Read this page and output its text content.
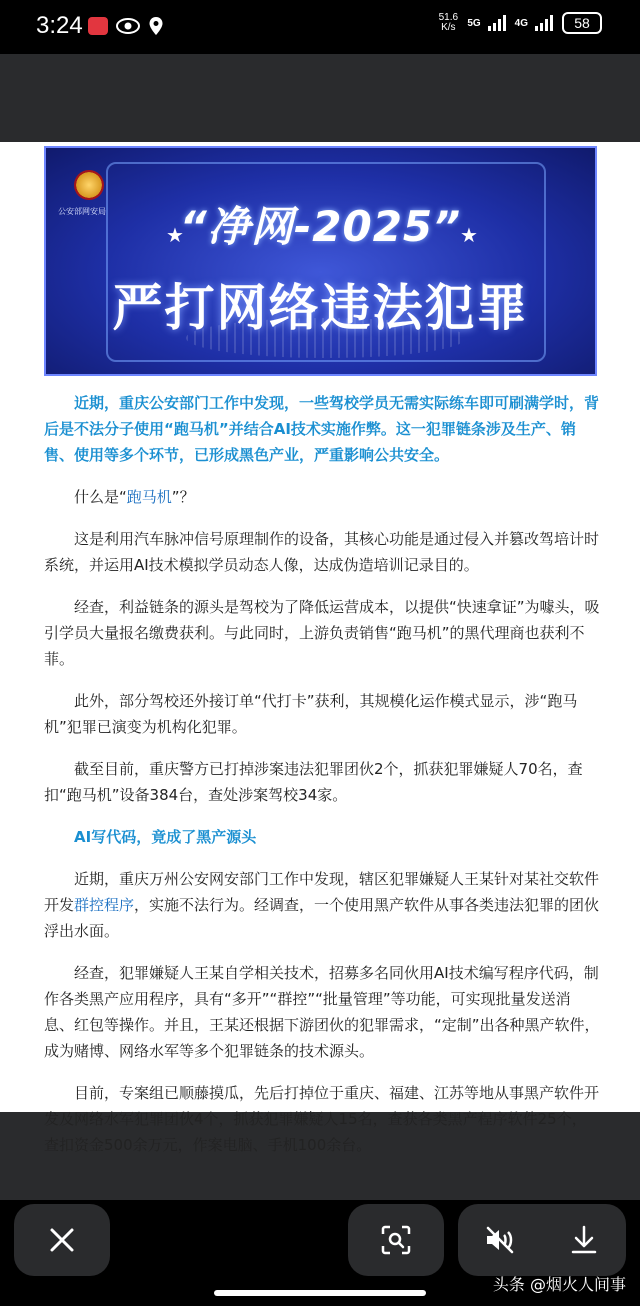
3:24	51.6
K/s	5G	4G	58
公安部网安局
★	★
“净网-2025”
严打网络违法犯罪

近期，重庆公安部门工作中发现，一些驾校学员无需实际练车即可刷满学时，背后是不法分子使用“跑马机”并结合AI技术实施作弊。这一犯罪链条涉及生产、销售、使用等多个环节，已形成黑色产业，严重影响公共安全。

什么是“跑马机”？

这是利用汽车脉冲信号原理制作的设备，其核心功能是通过侵入并篡改驾培计时系统，并运用AI技术模拟学员动态人像，达成伪造培训记录目的。

经查，利益链条的源头是驾校为了降低运营成本，以提供“快速拿证”为噱头，吸引学员大量报名缴费获利。与此同时，上游负责销售“跑马机”的黑代理商也获利不菲。

此外，部分驾校还外接订单“代打卡”获利，其规模化运作模式显示，涉“跑马机”犯罪已演变为机构化犯罪。

截至目前，重庆警方已打掉涉案违法犯罪团伙2个，抓获犯罪嫌疑人70名，查扣“跑马机”设备384台，查处涉案驾校34家。

AI写代码，竟成了黑产源头

近期，重庆万州公安网安部门工作中发现，辖区犯罪嫌疑人王某针对某社交软件开发群控程序，实施不法行为。经调查，一个使用黑产软件从事各类违法犯罪的团伙浮出水面。

经查，犯罪嫌疑人王某自学相关技术，招募多名同伙用AI技术编写程序代码，制作各类黑产应用程序，具有“多开”“群控”“批量管理”等功能，可实现批量发送消息、红包等操作。并且，王某还根据下游团伙的犯罪需求，“定制”出各种黑产软件，成为赌博、网络水军等多个犯罪链条的技术源头。

目前，专案组已顺藤摸瓜，先后打掉位于重庆、福建、江苏等地从事黑产软件开发及网络水军犯罪团伙4个，抓获犯罪嫌疑人15名，查获各类黑产程序软件25个，查扣资金500余万元，作案电脑、手机100余台。

头条 @烟火人间事
